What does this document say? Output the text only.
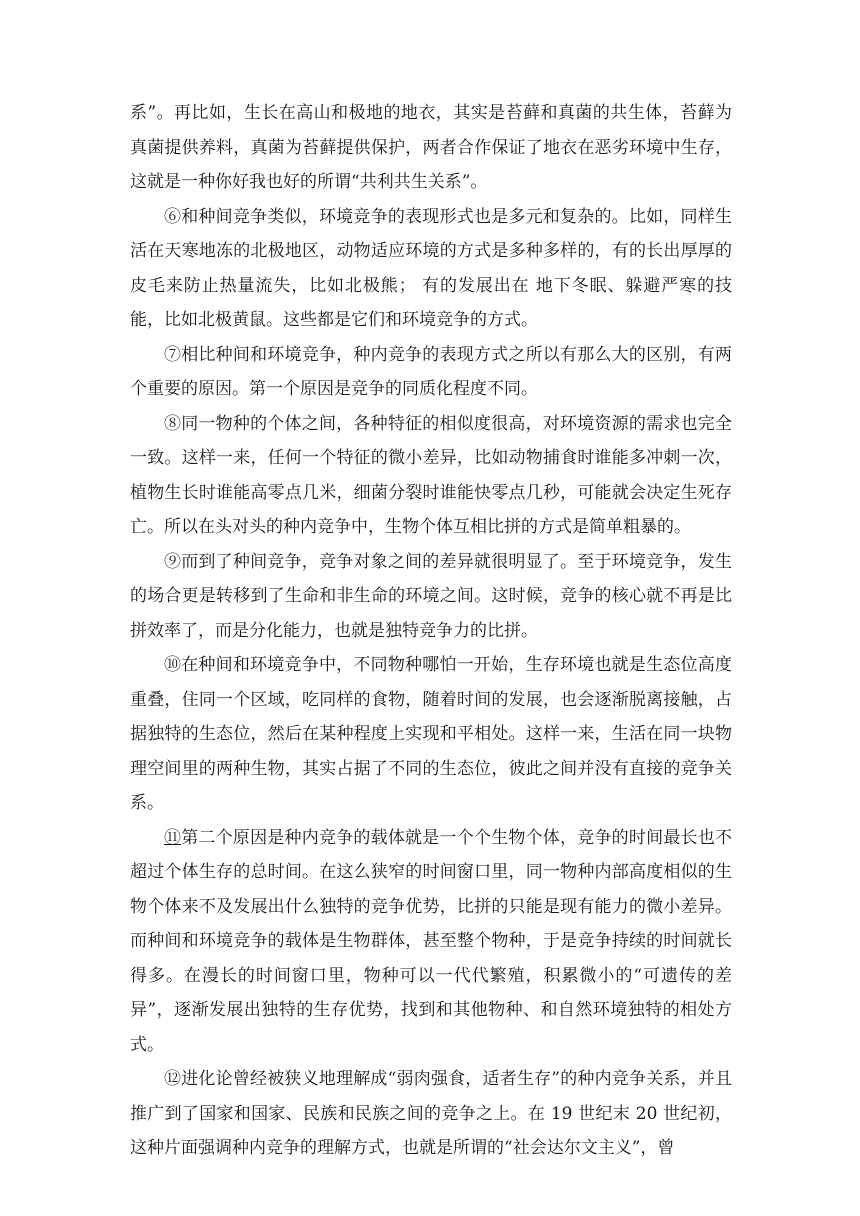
系”。再比如，生长在高山和极地的地衣，其实是苔藓和真菌的共生体，苔藓为真菌提供养料，真菌为苔藓提供保护，两者合作保证了地衣在恶劣环境中生存，这就是一种你好我也好的所谓“共利共生关系”。

⑥和种间竞争类似，环境竞争的表现形式也是多元和复杂的。比如，同样生活在天寒地冻的北极地区，动物适应环境的方式是多种多样的，有的长出厚厚的皮毛来防止热量流失，比如北极熊； 有的发展出在 地下冬眠、躲避严寒的技能，比如北极黄鼠。这些都是它们和环境竞争的方式。

⑦相比种间和环境竞争，种内竞争的表现方式之所以有那么大的区别，有两个重要的原因。第一个原因是竞争的同质化程度不同。

⑧同一物种的个体之间，各种特征的相似度很高，对环境资源的需求也完全一致。这样一来，任何一个特征的微小差异，比如动物捕食时谁能多冲刺一次，植物生长时谁能高零点几米，细菌分裂时谁能快零点几秒，可能就会决定生死存亡。所以在头对头的种内竞争中，生物个体互相比拼的方式是简单粗暴的。

⑨而到了种间竞争，竞争对象之间的差异就很明显了。至于环境竞争，发生的场合更是转移到了生命和非生命的环境之间。这时候，竞争的核心就不再是比拼效率了，而是分化能力，也就是独特竞争力的比拼。

⑩在种间和环境竞争中，不同物种哪怕一开始，生存环境也就是生态位高度重叠，住同一个区域，吃同样的食物，随着时间的发展，也会逐渐脱离接触，占据独特的生态位，然后在某种程度上实现和平相处。这样一来，生活在同一块物理空间里的两种生物，其实占据了不同的生态位，彼此之间并没有直接的竞争关系。

⑪第二个原因是种内竞争的载体就是一个个生物个体，竞争的时间最长也不超过个体生存的总时间。在这么狭窄的时间窗口里，同一物种内部高度相似的生物个体来不及发展出什么独特的竞争优势，比拼的只能是现有能力的微小差异。而种间和环境竞争的载体是生物群体，甚至整个物种，于是竞争持续的时间就长得多。在漫长的时间窗口里，物种可以一代代繁殖，积累微小的“可遗传的差异”，逐渐发展出独特的生存优势，找到和其他物种、和自然环境独特的相处方式。

⑫进化论曾经被狭义地理解成“弱肉强食，适者生存”的种内竞争关系，并且推广到了国家和国家、民族和民族之间的竞争之上。在 19 世纪末 20 世纪初，这种片面强调种内竞争的理解方式，也就是所谓的“社会达尔文主义”，曾
